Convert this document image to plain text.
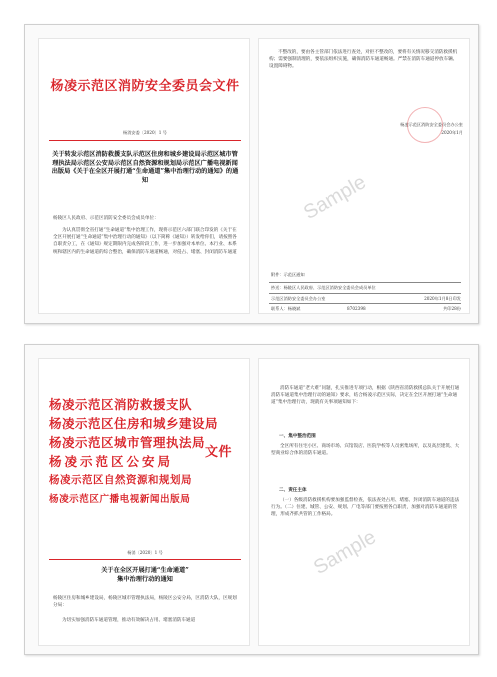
杨凌示范区消防安全委员会文件
杨消安委〔2020〕1 号
关于转发示范区消防救援支队示范区住房和城乡建设局示范区城市管理执法局示范区公安局示范区自然资源和规划局示范区广播电视新闻出版局《关于在全区开展打通“生命通道”集中治理行动的通知》的通知
杨陵区人民政府、示范区消防安全委员会成员单位：
为认真贯彻全省打通“生命通道”集中治理工作，现将示范区六部门联合印发的《关于在全区开展打通“生命通道”集中治理行动的通知》（以下简称《通知》）转发给你们，请按照各自职责分工，在《通知》规定期限内完成各阶段工作，进一步加强对本单位、本行业、本系统和辖区内的生命通道的综合整治，确保消防车通道畅通，对侵占、堵塞、封闭消防车通道
不整改的，要由各主管部门依法进行查处，对拒不整改的，要将有关情况移交消防救援机构；需要强制清理的，要依法组织实施，确保消防车通道畅通。严禁在消防车通道停放车辆、设置障碍物。
杨凌示范区消防安全委员会办公室
2020年1月
附件：示范区通知
抄送：杨陵区人民政府、示范区消防安全委员会成员单位
示范区消防安全委员会办公室	2020年1月8日印发
联系人：杨晓斌	8702398	共印28份
Sample
杨凌示范区消防救援支队
杨凌示范区住房和城乡建设局
杨凌示范区城市管理执法局
杨凌示范区公安局
杨凌示范区自然资源和规划局
杨凌示范区广播电视新闻出版局
文件
杨消〔2020〕1 号
关于在全区开展打通“生命通道”
集中治理行动的通知
杨陵区住房和城乡建设局，杨陵区城市管理执法局，杨陵区公安分局，区消防大队，区规划分局：
为切实加强消防车通道管理，推动有效解决占用、堵塞消防车通道
消防车通道“老大难”问题，扎实推进专项行动，根据《陕西省消防救援总队关于开展打通消防车通道集中治理行动的通知》要求，结合杨凌示范区实际，决定在全区开展打通“生命通道”集中治理行动，现就有关事项通知如下：
一、集中整治范围
全区所有住宅小区、商场市场、宾馆饭店、医院学校等人员密集场所，以及高层建筑、大型商业综合体的消防车通道。
二、责任主体
（一）各级消防救援机构要加强监督检查，依法查处占用、堵塞、封闭消防车通道的违法行为。（二）住建、城管、公安、规划、广电等部门要按照各自职责，加强对消防车通道的管理，形成齐抓共管的工作格局。
Sample
